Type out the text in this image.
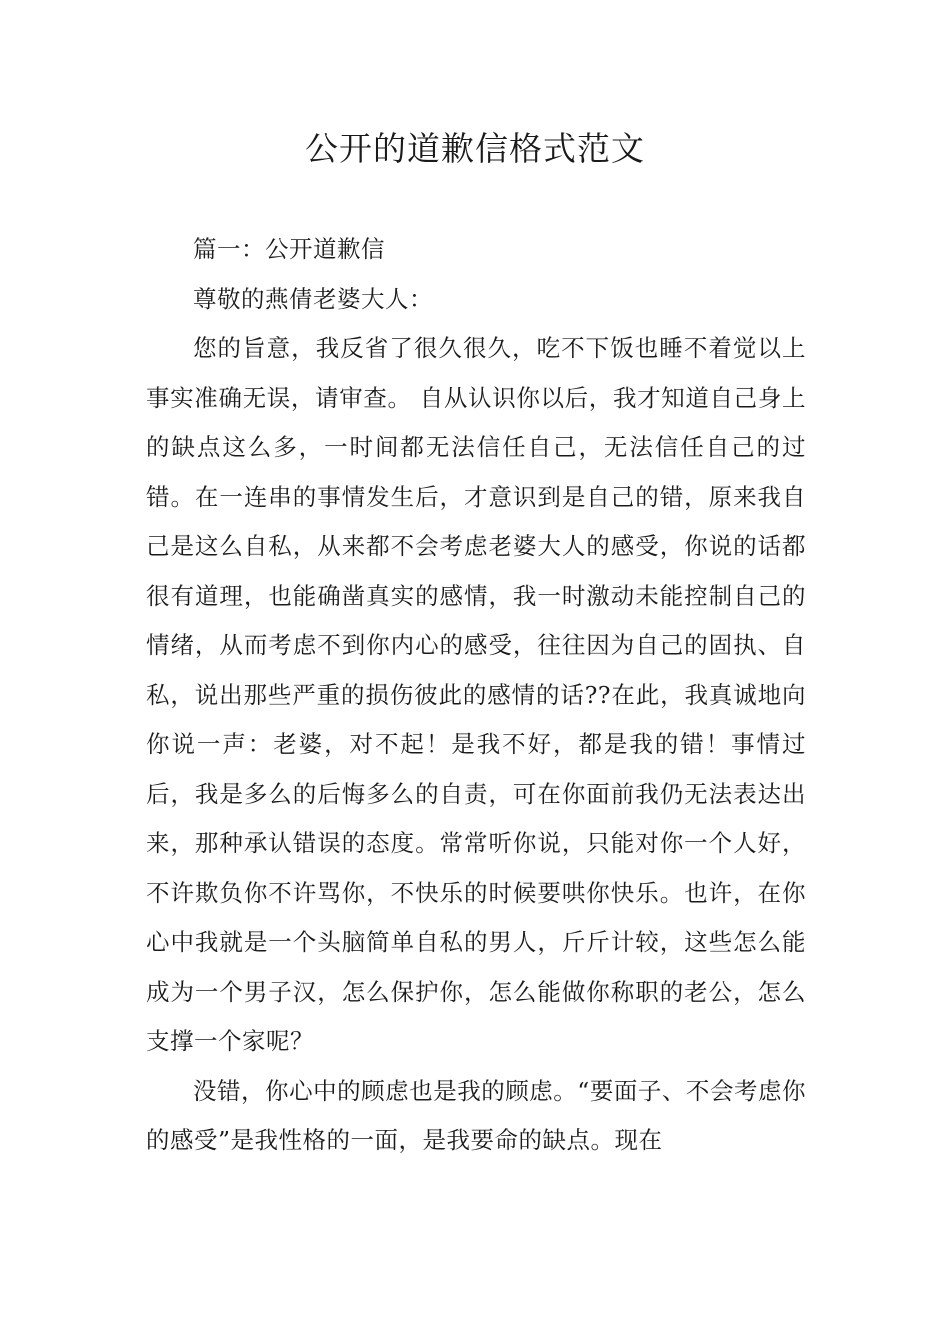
公开的道歉信格式范文

篇一：公开道歉信

尊敬的燕倩老婆大人：

您的旨意，我反省了很久很久，吃不下饭也睡不着觉以上事实准确无误，请审查。 自从认识你以后，我才知道自己身上的缺点这么多，一时间都无法信任自己，无法信任自己的过错。在一连串的事情发生后，才意识到是自己的错，原来我自己是这么自私，从来都不会考虑老婆大人的感受，你说的话都很有道理，也能确凿真实的感情，我一时激动未能控制自己的情绪，从而考虑不到你内心的感受，往往因为自己的固执、自私，说出那些严重的损伤彼此的感情的话??在此，我真诚地向你说一声：老婆，对不起！是我不好，都是我的错！事情过后，我是多么的后悔多么的自责，可在你面前我仍无法表达出来，那种承认错误的态度。常常听你说，只能对你一个人好，不许欺负你不许骂你，不快乐的时候要哄你快乐。也许，在你心中我就是一个头脑简单自私的男人，斤斤计较，这些怎么能成为一个男子汉，怎么保护你，怎么能做你称职的老公，怎么支撑一个家呢？

没错，你心中的顾虑也是我的顾虑。“要面子、不会考虑你的感受”是我性格的一面，是我要命的缺点。现在
